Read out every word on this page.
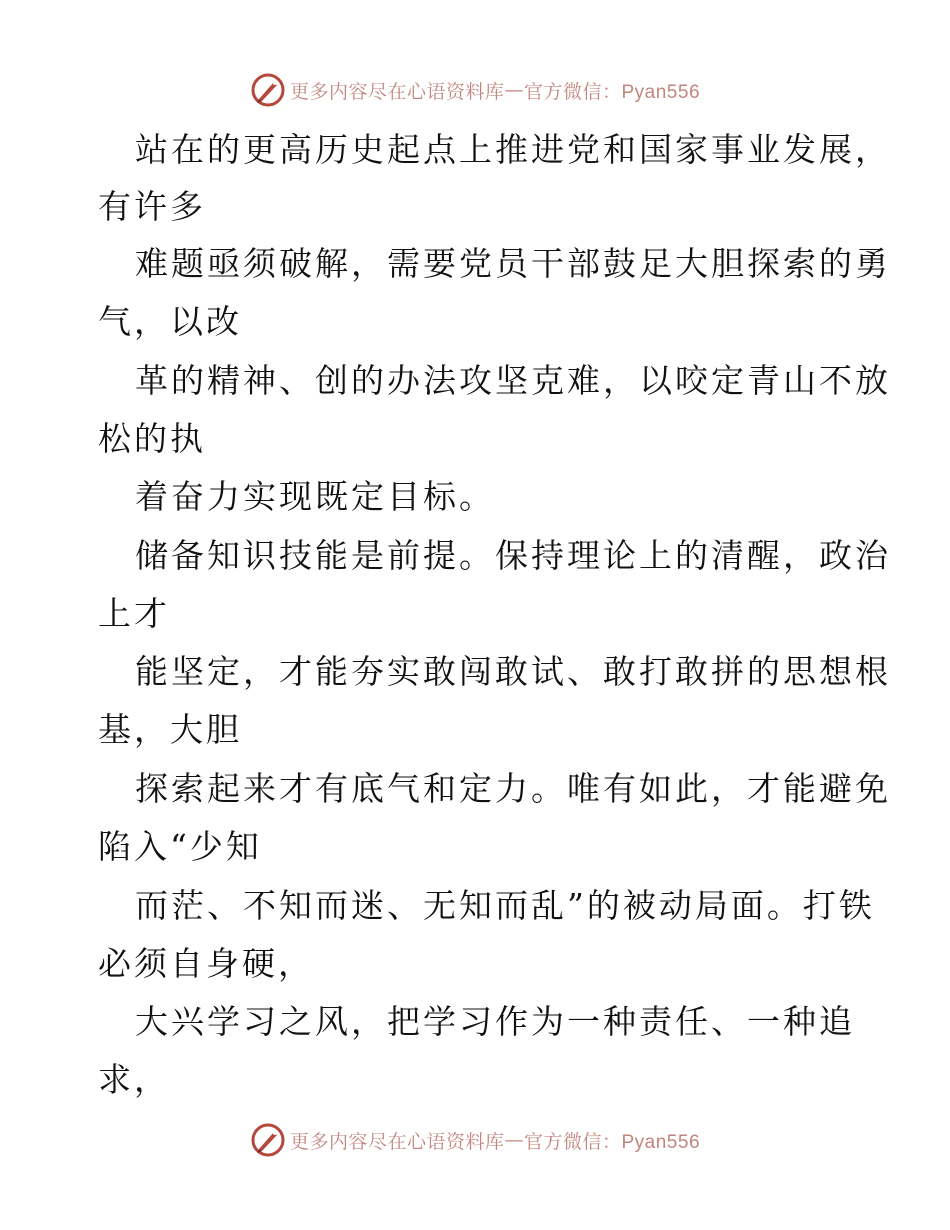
更多内容尽在心语资料库 — 官方微信：Pyan556
站在的更高历史起点上推进党和国家事业发展，
有许多
难题亟须破解，需要党员干部鼓足大胆探索的勇
气，以改
革的精神、创的办法攻坚克难，以咬定青山不放
松的执
着奋力实现既定目标。
储备知识技能是前提。保持理论上的清醒，政治
上才
能坚定，才能夯实敢闯敢试、敢打敢拼的思想根
基，大胆
探索起来才有底气和定力。唯有如此，才能避免
陷入“少知
而茫、不知而迷、无知而乱”的被动局面。打铁
必须自身硬，
大兴学习之风，把学习作为一种责任、一种追
求，
更多内容尽在心语资料库 — 官方微信：Pyan556
